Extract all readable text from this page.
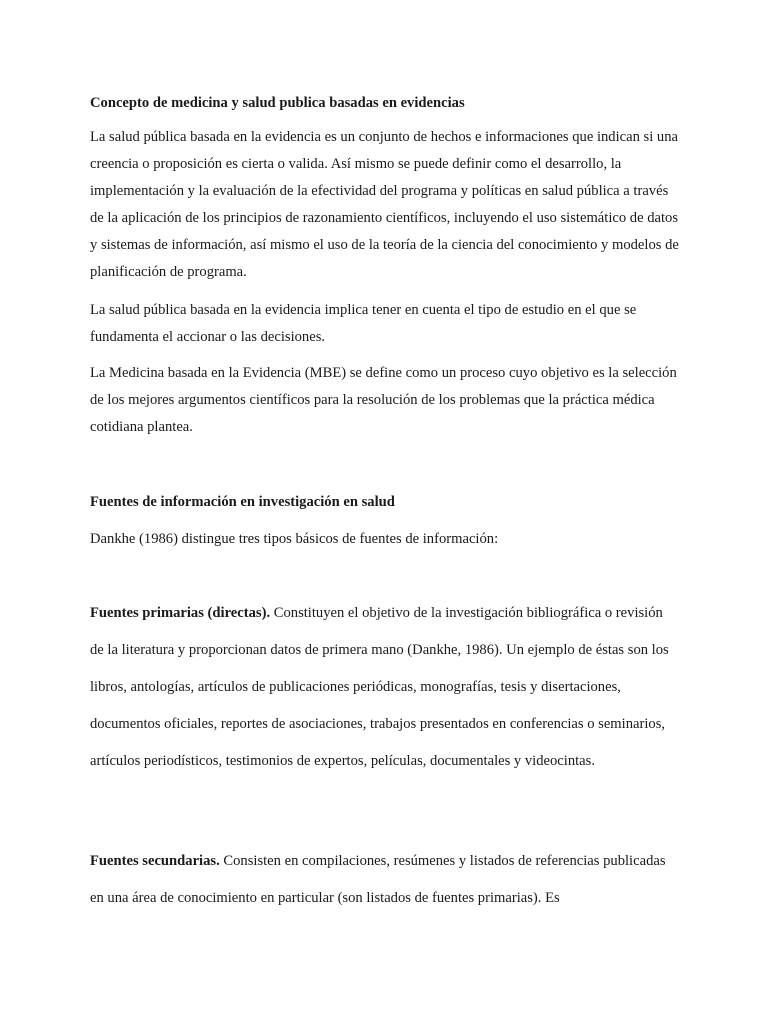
Concepto de medicina y salud publica basadas en evidencias
La salud pública basada en la evidencia es un conjunto de hechos e informaciones que indican si una creencia o proposición es cierta o valida. Así mismo se puede definir como el desarrollo, la implementación y la evaluación de la efectividad del programa y políticas en salud pública a través de la aplicación de los principios de razonamiento científicos, incluyendo el uso sistemático de datos y sistemas de información, así mismo el uso de la teoría de la ciencia del conocimiento y modelos de planificación de programa.
La salud pública basada en la evidencia implica tener en cuenta el tipo de estudio en el que se fundamenta el accionar o las decisiones.
La Medicina basada en la Evidencia (MBE) se define como un proceso cuyo objetivo es la selección de los mejores argumentos científicos para la resolución de los problemas que la práctica médica cotidiana plantea.
Fuentes de información en investigación en salud
Dankhe (1986) distingue tres tipos básicos de fuentes de información:
Fuentes primarias (directas). Constituyen el objetivo de la investigación bibliográfica o revisión de la literatura y proporcionan datos de primera mano (Dankhe, 1986). Un ejemplo de éstas son los libros, antologías, artículos de publicaciones periódicas, monografías, tesis y disertaciones, documentos oficiales, reportes de asociaciones, trabajos presentados en conferencias o seminarios, artículos periodísticos, testimonios de expertos, películas, documentales y videocintas.
Fuentes secundarias. Consisten en compilaciones, resúmenes y listados de referencias publicadas en una área de conocimiento en particular (son listados de fuentes primarias). Es
